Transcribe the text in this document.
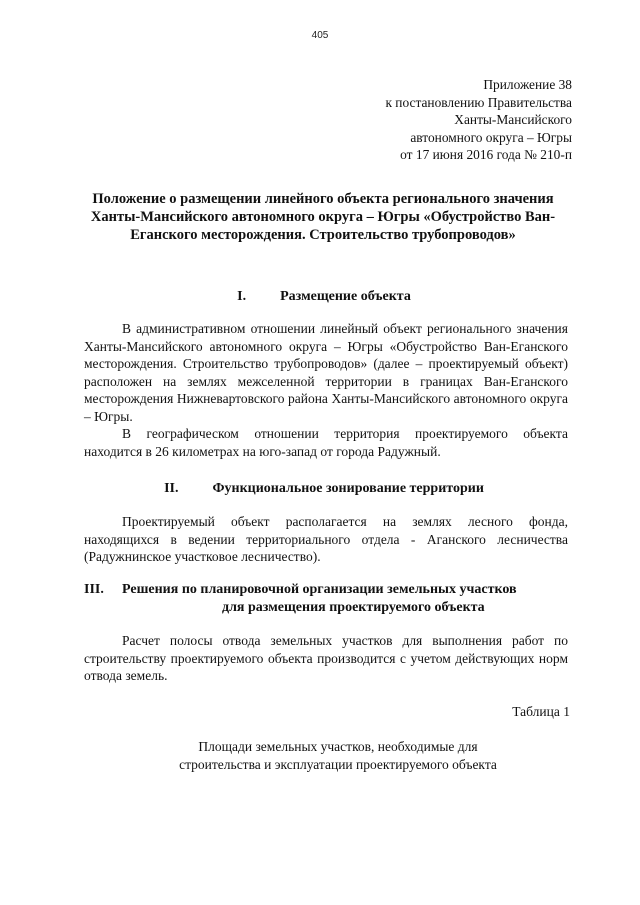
405
Приложение 38
к постановлению Правительства
Ханты-Мансийского
автономного округа – Югры
от 17 июня 2016 года № 210-п
Положение о размещении линейного объекта регионального значения Ханты-Мансийского автономного округа – Югры «Обустройство Ван-Еганского месторождения. Строительство трубопроводов»
I. Размещение объекта

В административном отношении линейный объект регионального значения Ханты-Мансийского автономного округа – Югры «Обустройство Ван-Еганского месторождения. Строительство трубопроводов» (далее – проектируемый объект) расположен на землях межселенной территории в границах Ван-Еганского месторождения Нижневартовского района Ханты-Мансийского автономного округа – Югры.

В географическом отношении территория проектируемого объекта находится в 26 километрах на юго-запад от города Радужный.

II. Функциональное зонирование территории

Проектируемый объект располагается на землях лесного фонда, находящихся в ведении территориального отдела - Аганского лесничества (Радужнинское участковое лесничество).

III. Решения по планировочной организации земельных участков
для размещения проектируемого объекта

Расчет полосы отвода земельных участков для выполнения работ по строительству проектируемого объекта производится с учетом действующих норм отвода земель.

Таблица 1
Площади земельных участков, необходимые для
строительства и эксплуатации проектируемого объекта
